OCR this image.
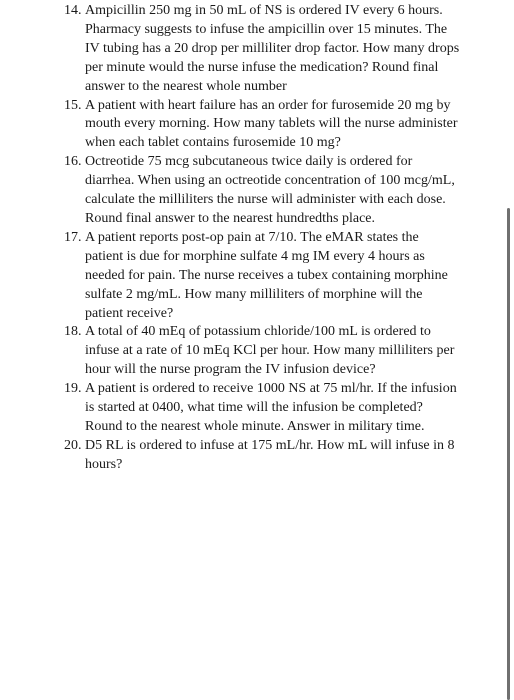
14. Ampicillin 250 mg in 50 mL of NS is ordered IV every 6 hours. Pharmacy suggests to infuse the ampicillin over 15 minutes. The IV tubing has a 20 drop per milliliter drop factor. How many drops per minute would the nurse infuse the medication? Round final answer to the nearest whole number
15. A patient with heart failure has an order for furosemide 20 mg by mouth every morning. How many tablets will the nurse administer when each tablet contains furosemide 10 mg?
16. Octreotide 75 mcg subcutaneous twice daily is ordered for diarrhea. When using an octreotide concentration of 100 mcg/mL, calculate the milliliters the nurse will administer with each dose. Round final answer to the nearest hundredths place.
17. A patient reports post-op pain at 7/10. The eMAR states the patient is due for morphine sulfate 4 mg IM every 4 hours as needed for pain. The nurse receives a tubex containing morphine sulfate 2 mg/mL. How many milliliters of morphine will the patient receive?
18. A total of 40 mEq of potassium chloride/100 mL is ordered to infuse at a rate of 10 mEq KCl per hour. How many milliliters per hour will the nurse program the IV infusion device?
19. A patient is ordered to receive 1000 NS at 75 ml/hr. If the infusion is started at 0400, what time will the infusion be completed? Round to the nearest whole minute. Answer in military time.
20. D5 RL is ordered to infuse at 175 mL/hr. How mL will infuse in 8 hours?
